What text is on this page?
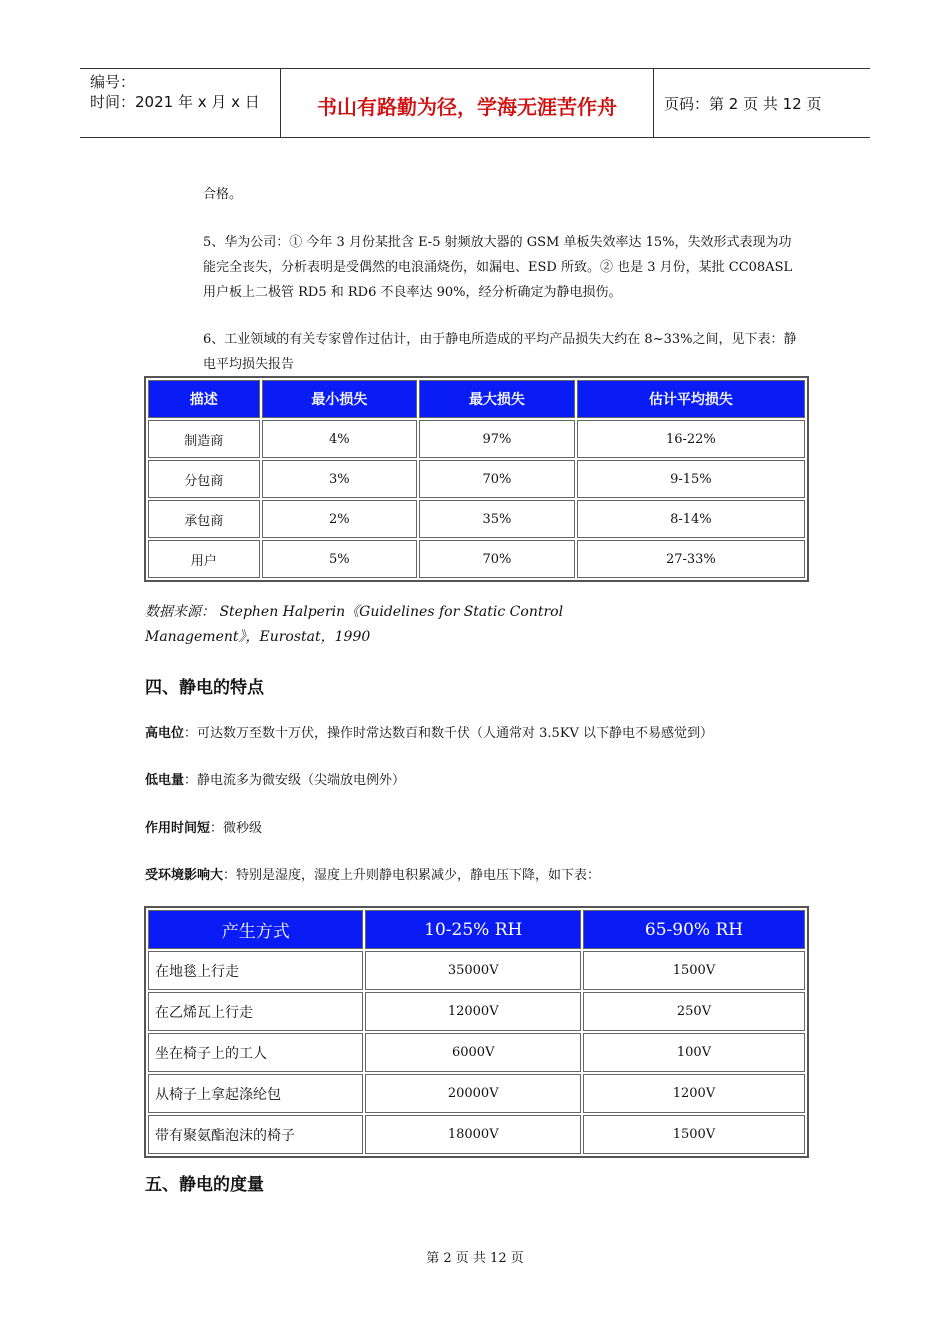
编号：
时间：2021 年 x 月 x 日	书山有路勤为径，学海无涯苦作舟	页码：第 2 页 共 12 页
合格。
5、华为公司：① 今年 3 月份某批含 E-5 射频放大器的 GSM 单板失效率达 15%，失效形式表现为功能完全丧失，分析表明是受偶然的电浪涌烧伤，如漏电、ESD 所致。② 也是 3 月份，某批 CC08ASL 用户板上二极管 RD5 和 RD6 不良率达 90%，经分析确定为静电损伤。
6、工业领域的有关专家曾作过估计，由于静电所造成的平均产品损失大约在 8~33%之间，见下表：静电平均损失报告
描述	最小损失	最大损失	估计平均损失
制造商	4%	97%	16-22%
分包商	3%	70%	9-15%
承包商	2%	35%	8-14%
用户	5%	70%	27-33%
数据来源： Stephen Halperin《Guidelines for Static Control Management》，Eurostat，1990
四、静电的特点
高电位：可达数万至数十万伏，操作时常达数百和数千伏（人通常对 3.5KV 以下静电不易感觉到）
低电量：静电流多为微安级（尖端放电例外）
作用时间短：微秒级
受环境影响大：特别是湿度，湿度上升则静电积累减少，静电压下降，如下表：
产生方式	10-25% RH	65-90% RH
在地毯上行走	35000V	1500V
在乙烯瓦上行走	12000V	250V
坐在椅子上的工人	6000V	100V
从椅子上拿起涤纶包	20000V	1200V
带有聚氨酯泡沫的椅子	18000V	1500V
五、静电的度量
第 2 页 共 12 页
